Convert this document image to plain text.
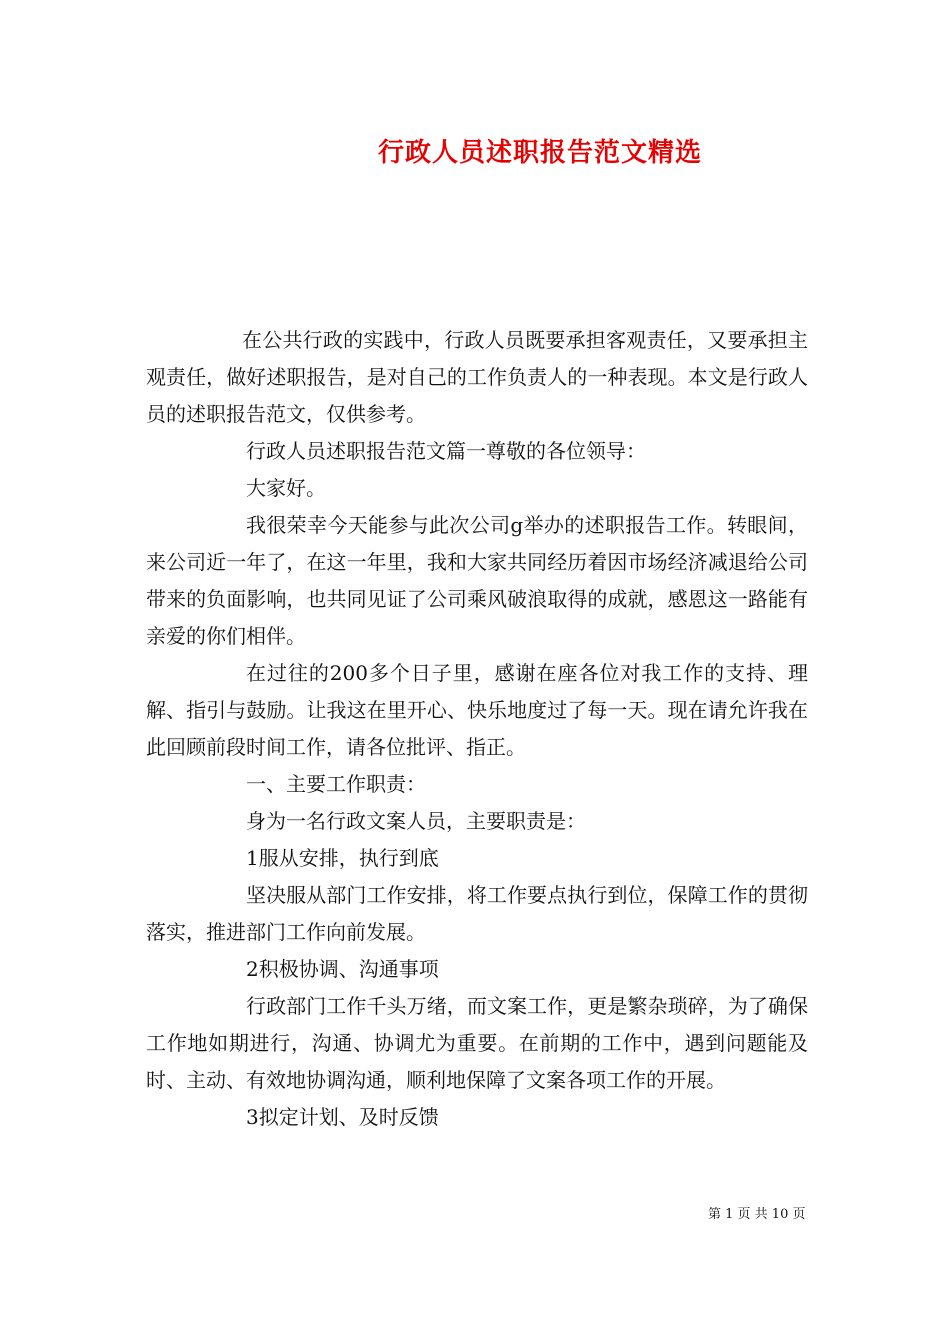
行政人员述职报告范文精选

在公共行政的实践中，行政人员既要承担客观责任，又要承担主观责任，做好述职报告，是对自己的工作负责人的一种表现。本文是行政人员的述职报告范文，仅供参考。

行政人员述职报告范文篇一尊敬的各位领导：

大家好。

我很荣幸今天能参与此次公司g举办的述职报告工作。转眼间，来公司近一年了，在这一年里，我和大家共同经历着因市场经济减退给公司带来的负面影响，也共同见证了公司乘风破浪取得的成就，感恩这一路能有亲爱的你们相伴。

在过往的200多个日子里，感谢在座各位对我工作的支持、理解、指引与鼓励。让我这在里开心、快乐地度过了每一天。现在请允许我在此回顾前段时间工作，请各位批评、指正。

一、主要工作职责：

身为一名行政文案人员，主要职责是：

1服从安排，执行到底

坚决服从部门工作安排，将工作要点执行到位，保障工作的贯彻落实，推进部门工作向前发展。

2积极协调、沟通事项

行政部门工作千头万绪，而文案工作，更是繁杂琐碎，为了确保工作地如期进行，沟通、协调尤为重要。在前期的工作中，遇到问题能及时、主动、有效地协调沟通，顺利地保障了文案各项工作的开展。

3拟定计划、及时反馈

第 1 页 共 10 页
